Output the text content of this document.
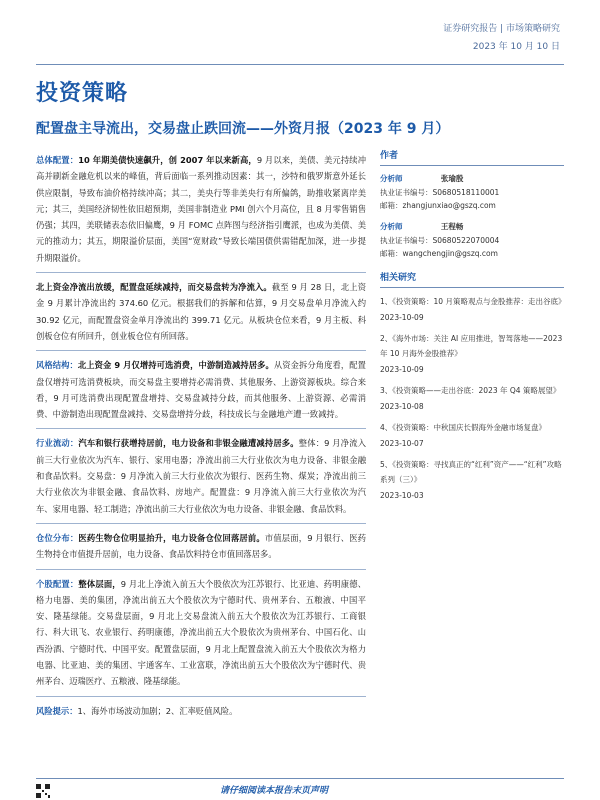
证券研究报告 | 市场策略研究
2023 年 10 月 10 日
投资策略
配置盘主导流出，交易盘止跌回流——外资月报（2023 年 9 月）

总体配置：10 年期美债快速飙升，创 2007 年以来新高，9 月以来，美债、美元持续冲高并刷新金融危机以来的峰值，背后面临一系列推动因素：其一，沙特和俄罗斯意外延长供应限制，导致布油价格持续冲高；其二，美央行等非美央行有所偏鸽，助推收紧离岸美元；其三，美国经济韧性依旧超预期，美国非制造业 PMI 创六个月高位，且 8 月零售销售仍强；其四，美联储表态依旧偏鹰，9 月 FOMC 点阵图与经济指引鹰派，也成为美债、美元的推动力；其五，期限溢价层面，美国“宽财政”导致长端国债供需错配加深，进一步提升期限溢价。

北上资金净流出放缓，配置盘延续减持，而交易盘转为净流入。截至 9 月 28 日，北上资金 9 月累计净流出约 374.60 亿元。根据我们的拆解和估算，9 月交易盘单月净流入约 30.92 亿元，而配置盘资金单月净流出约 399.71 亿元。从板块仓位来看，9 月主板、科创板仓位有所回升，创业板仓位有所回落。

风格结构：北上资金 9 月仅增持可选消费，中游制造减持居多。从资金拆分角度看，配置盘仅增持可选消费板块，而交易盘主要增持必需消费、其他服务、上游资源板块。综合来看，9 月可选消费出现配置盘增持、交易盘减持分歧，而其他服务、上游资源、必需消费、中游制造出现配置盘减持、交易盘增持分歧，科技成长与金融地产遭一致减持。

行业流动：汽车和银行获增持居前，电力设备和非银金融遭减持居多。整体：9 月净流入前三大行业依次为汽车、银行、家用电器；净流出前三大行业依次为电力设备、非银金融和食品饮料。交易盘：9 月净流入前三大行业依次为银行、医药生物、煤炭；净流出前三大行业依次为非银金融、食品饮料、房地产。配置盘：9 月净流入前三大行业依次为汽车、家用电器、轻工制造；净流出前三大行业依次为电力设备、非银金融、食品饮料。

仓位分布：医药生物仓位明显抬升，电力设备仓位回落居前。市值层面，9 月银行、医药生物持仓市值提升居前，电力设备、食品饮料持仓市值回落居多。

个股配置：整体层面，9 月北上净流入前五大个股依次为江苏银行、比亚迪、药明康德、格力电器、美的集团，净流出前五大个股依次为宁德时代、贵州茅台、五粮液、中国平安、隆基绿能。交易盘层面，9 月北上交易盘流入前五大个股依次为江苏银行、工商银行、科大讯飞、农业银行、药明康德，净流出前五大个股依次为贵州茅台、中国石化、山西汾酒、宁德时代、中国平安。配置盘层面，9 月北上配置盘流入前五大个股依次为格力电器、比亚迪、美的集团、宇通客车、工业富联，净流出前五大个股依次为宁德时代、贵州茅台、迈瑞医疗、五粮液、隆基绿能。

风险提示：1、海外市场波动加剧；2、汇率贬值风险。

作者
分析师	张瑜殷
执业证书编号：S0680518110001
邮箱：zhangjunxiao@gszq.com
分析师	王程畅
执业证书编号：S0680522070004
邮箱：wangchengjin@gszq.com
相关研究
1、《投资策略：10 月策略观点与金股推荐：走出谷底》
2023-10-09
2、《海外市场：关注 AI 应用推进，智驾落地——2023 年 10 月海外金股推荐》
2023-10-09
3、《投资策略——走出谷底：2023 年 Q4 策略展望》
2023-10-08
4、《投资策略：中秋国庆长假海外金融市场复盘》
2023-10-07
5、《投资策略：寻找真正的“红利”资产——“红利”攻略系列（三）》
2023-10-03
请仔细阅读本报告末页声明
